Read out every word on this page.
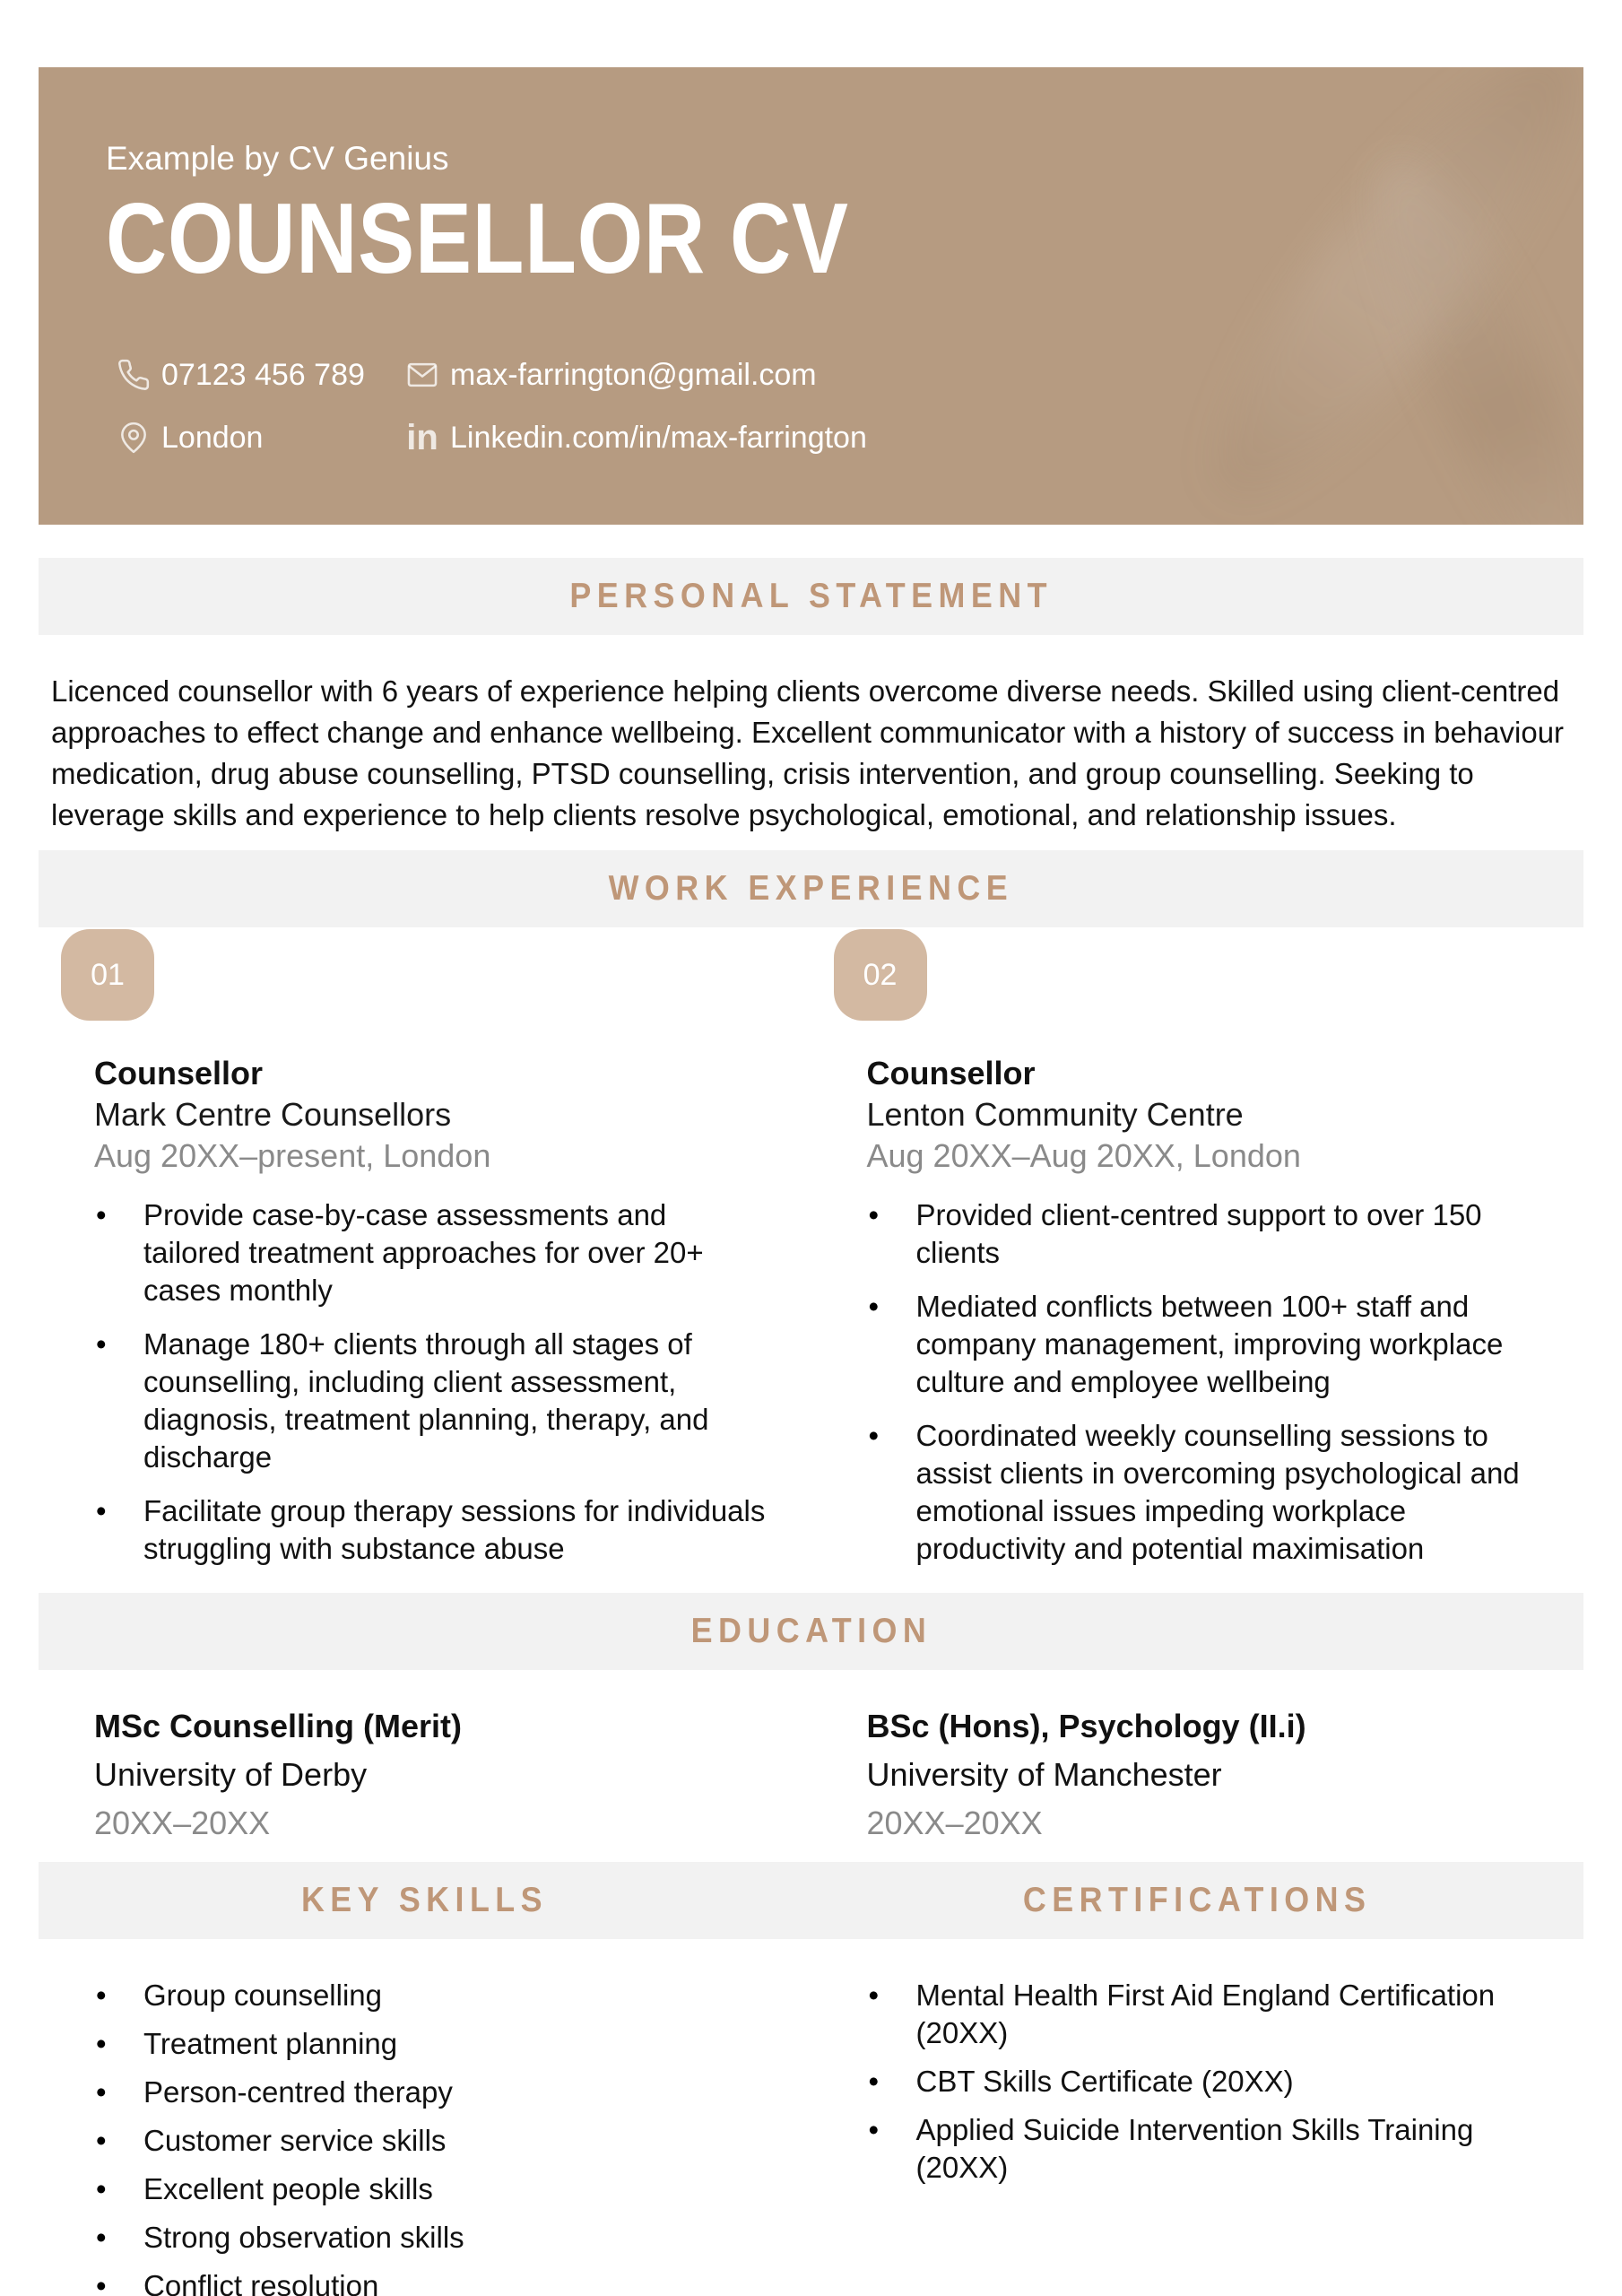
Example by CV Genius
COUNSELLOR CV
07123 456 789	max-farrington@gmail.com
London	in Linkedin.com/in/max-farrington
PERSONAL STATEMENT

Licenced counsellor with 6 years of experience helping clients overcome diverse needs. Skilled using client-centred approaches to effect change and enhance wellbeing. Excellent communicator with a history of success in behaviour medication, drug abuse counselling, PTSD counselling, crisis intervention, and group counselling. Seeking to leverage skills and experience to help clients resolve psychological, emotional, and relationship issues.

WORK EXPERIENCE
01
Counsellor
Mark Centre Counsellors
Aug 20XX–present, London
• Provide case-by-case assessments and tailored treatment approaches for over 20+ cases monthly
• Manage 180+ clients through all stages of counselling, including client assessment, diagnosis, treatment planning, therapy, and discharge
• Facilitate group therapy sessions for individuals struggling with substance abuse
02
Counsellor
Lenton Community Centre
Aug 20XX–Aug 20XX, London
• Provided client-centred support to over 150 clients
• Mediated conflicts between 100+ staff and company management, improving workplace culture and employee wellbeing
• Coordinated weekly counselling sessions to assist clients in overcoming psychological and emotional issues impeding workplace productivity and potential maximisation
EDUCATION
MSc Counselling (Merit)
University of Derby
20XX–20XX
BSc (Hons), Psychology (II.i)
University of Manchester
20XX–20XX
KEY SKILLS	CERTIFICATIONS
• Group counselling
• Treatment planning
• Person-centred therapy
• Customer service skills
• Excellent people skills
• Strong observation skills
• Conflict resolution
• Mental Health First Aid England Certification (20XX)
• CBT Skills Certificate (20XX)
• Applied Suicide Intervention Skills Training (20XX)
